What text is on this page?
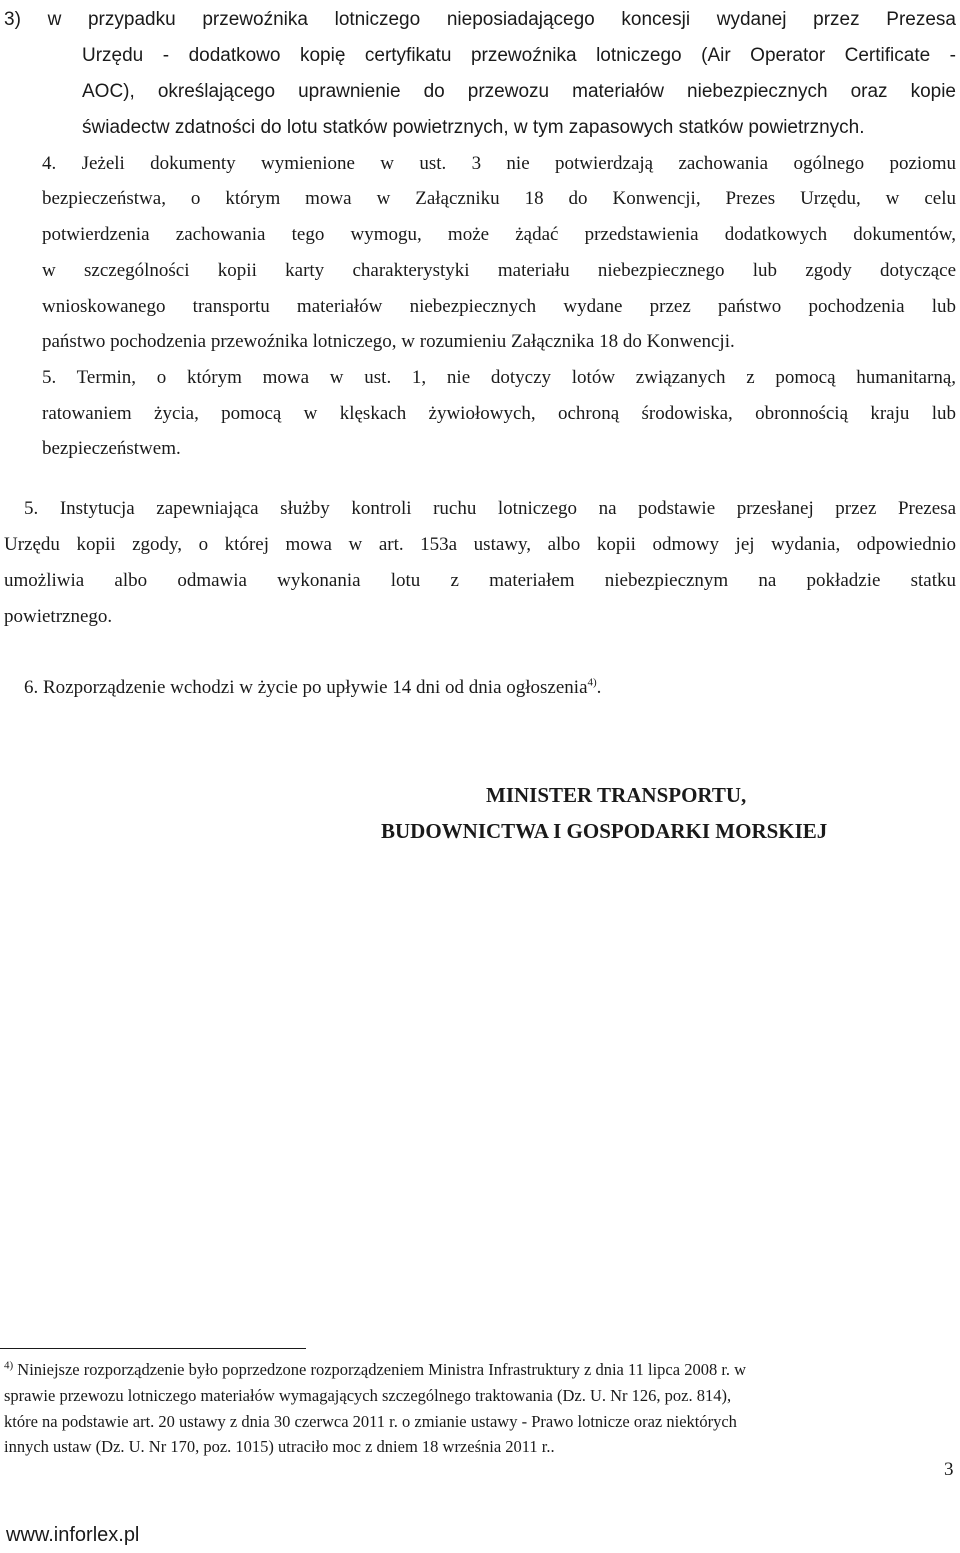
3) w przypadku przewoźnika lotniczego nieposiadającego koncesji wydanej przez Prezesa
Urzędu - dodatkowo kopię certyfikatu przewoźnika lotniczego (Air Operator Certificate -
AOC), określającego uprawnienie do przewozu materiałów niebezpiecznych oraz kopie
świadectw zdatności do lotu statków powietrznych, w tym zapasowych statków powietrznych.
4. Jeżeli dokumenty wymienione w ust. 3 nie potwierdzają zachowania ogólnego poziomu
bezpieczeństwa, o którym mowa w Załączniku 18 do Konwencji, Prezes Urzędu, w celu
potwierdzenia zachowania tego wymogu, może żądać przedstawienia dodatkowych dokumentów,
w szczególności kopii karty charakterystyki materiału niebezpiecznego lub zgody dotyczące
wnioskowanego transportu materiałów niebezpiecznych wydane przez państwo pochodzenia lub
państwo pochodzenia przewoźnika lotniczego, w rozumieniu Załącznika 18 do Konwencji.
5. Termin, o którym mowa w ust. 1, nie dotyczy lotów związanych z pomocą humanitarną,
ratowaniem życia, pomocą w klęskach żywiołowych, ochroną środowiska, obronnością kraju lub
bezpieczeństwem.
5. Instytucja zapewniająca służby kontroli ruchu lotniczego na podstawie przesłanej przez Prezesa
Urzędu kopii zgody, o której mowa w art. 153a ustawy, albo kopii odmowy jej wydania, odpowiednio
umożliwia albo odmawia wykonania lotu z materiałem niebezpiecznym na pokładzie statku
powietrznego.
6. Rozporządzenie wchodzi w życie po upływie 14 dni od dnia ogłoszenia$^{4)}$.
MINISTER TRANSPORTU,
BUDOWNICTWA I GOSPODARKI MORSKIEJ
$^{4)}$ Niniejsze rozporządzenie było poprzedzone rozporządzeniem Ministra Infrastruktury z dnia 11 lipca 2008 r. w
sprawie przewozu lotniczego materiałów wymagających szczególnego traktowania (Dz. U. Nr 126, poz. 814),
które na podstawie art. 20 ustawy z dnia 30 czerwca 2011 r. o zmianie ustawy - Prawo lotnicze oraz niektórych
innych ustaw (Dz. U. Nr 170, poz. 1015) utraciło moc z dniem 18 września 2011 r..
3
www.inforlex.pl
